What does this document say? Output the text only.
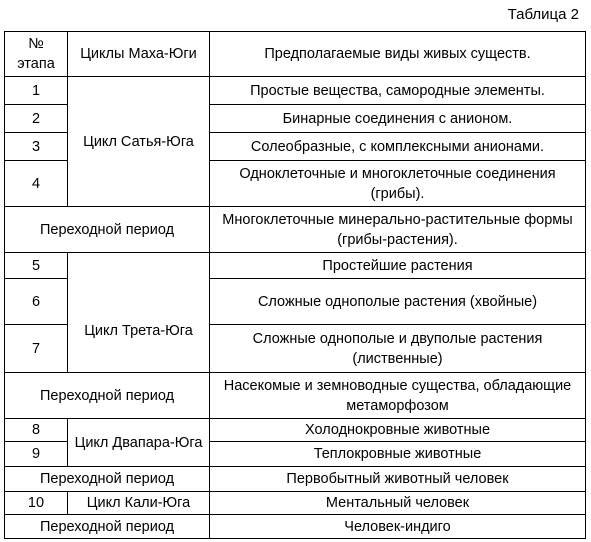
Таблица 2
№ этапа	Циклы Маха-Юги	Предполагаемые виды живых существ.
1	Цикл Сатья-Юга	Простые вещества, самородные элементы.
2		Бинарные соединения с анионом.
3		Солеобразные, с комплексными анионами.
4		Одноклеточные и многоклеточные соединения (грибы).
Переходной период		Многоклеточные минерально-растительные формы (грибы-растения).
5	Цикл Трета-Юга	Простейшие растения
6		Сложные однополые растения (хвойные)
7		Сложные однополые и двуполые растения (лиственные)
Переходной период		Насекомые и земноводные существа, обладающие метаморфозом
8	Цикл Двапара-Юга	Холоднокровные животные
9		Теплокровные животные
Переходной период		Первобытный животный человек
10	Цикл Кали-Юга	Ментальный человек
Переходной период		Человек-индиго
